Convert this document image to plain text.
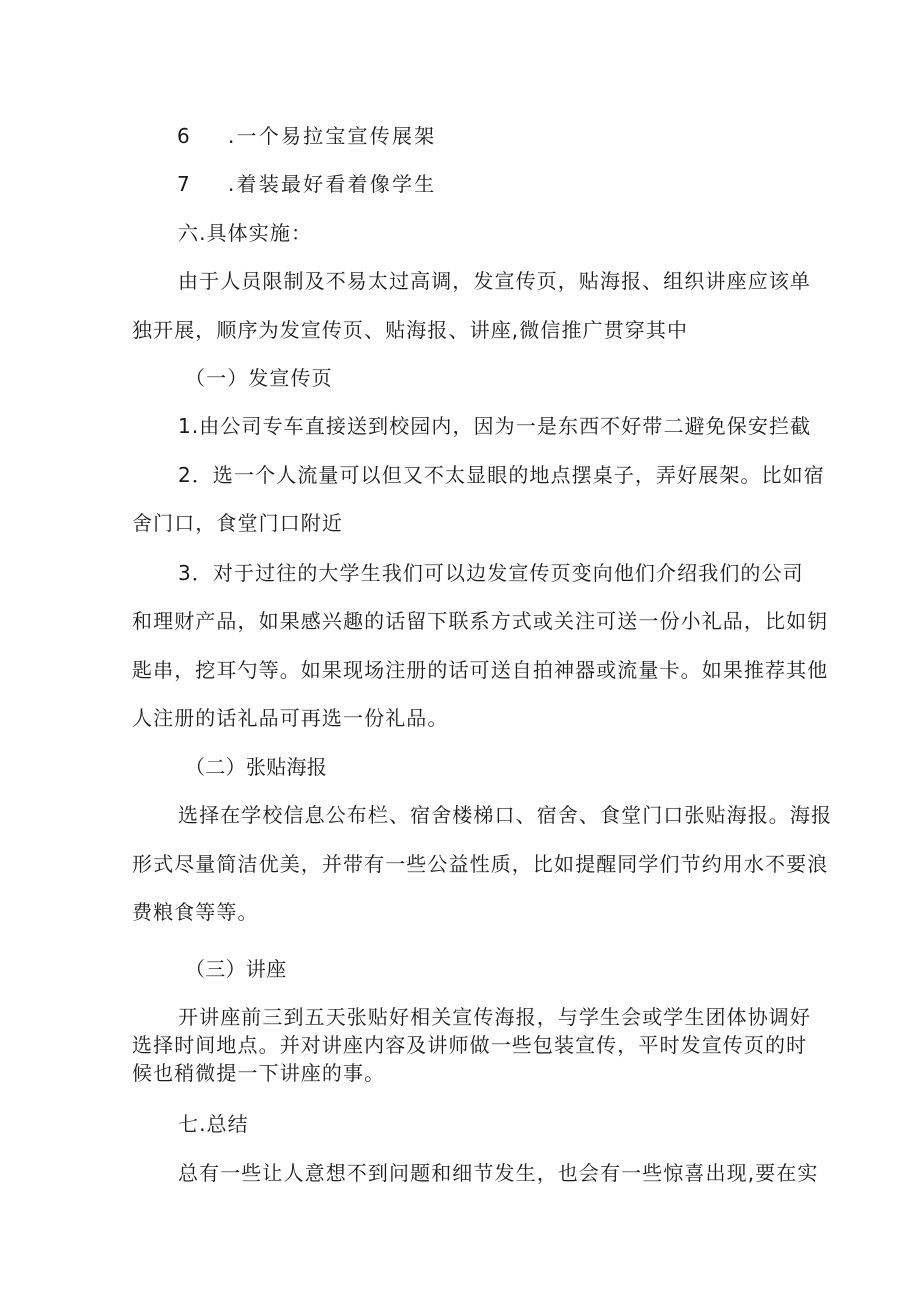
6 .一个易拉宝宣传展架
7 .着装最好看着像学生
六.具体实施：
由于人员限制及不易太过高调，发宣传页，贴海报、组织讲座应该单
独开展，顺序为发宣传页、贴海报、讲座,微信推广贯穿其中
（一）发宣传页
1.由公司专车直接送到校园内，因为一是东西不好带二避免保安拦截
2．选一个人流量可以但又不太显眼的地点摆桌子，弄好展架。比如宿
舍门口，食堂门口附近
3．对于过往的大学生我们可以边发宣传页变向他们介绍我们的公司
和理财产品，如果感兴趣的话留下联系方式或关注可送一份小礼品，比如钥
匙串，挖耳勺等。如果现场注册的话可送自拍神器或流量卡。如果推荐其他
人注册的话礼品可再选一份礼品。
（二）张贴海报
选择在学校信息公布栏、宿舍楼梯口、宿舍、食堂门口张贴海报。海报
形式尽量简洁优美，并带有一些公益性质，比如提醒同学们节约用水不要浪
费粮食等等。
（三）讲座
开讲座前三到五天张贴好相关宣传海报，与学生会或学生团体协调好
选择时间地点。并对讲座内容及讲师做一些包装宣传，平时发宣传页的时
候也稍微提一下讲座的事。
七.总结
总有一些让人意想不到问题和细节发生，也会有一些惊喜出现,要在实
